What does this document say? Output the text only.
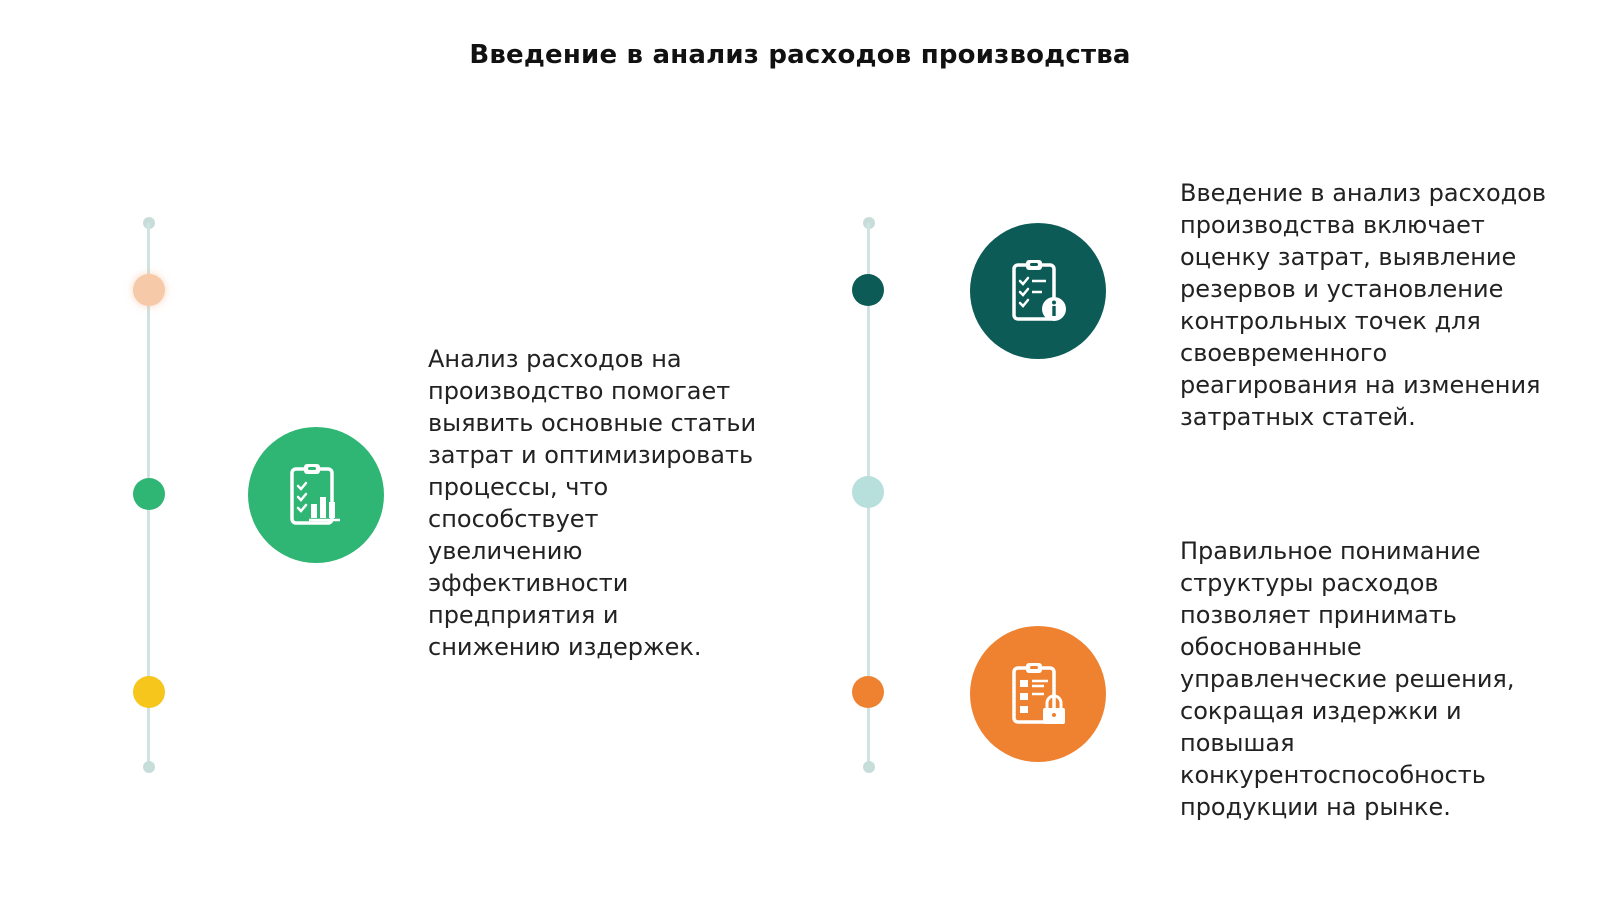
Введение в анализ расходов производства
Анализ расходов на производство помогает выявить основные статьи затрат и оптимизировать процессы, что способствует увеличению эффективности предприятия и снижению издержек.
Введение в анализ расходов производства включает оценку затрат, выявление резервов и установление контрольных точек для своевременного реагирования на изменения затратных статей.
Правильное понимание структуры расходов позволяет принимать обоснованные управленческие решения, сокращая издержки и повышая конкурентоспособность продукции на рынке.
